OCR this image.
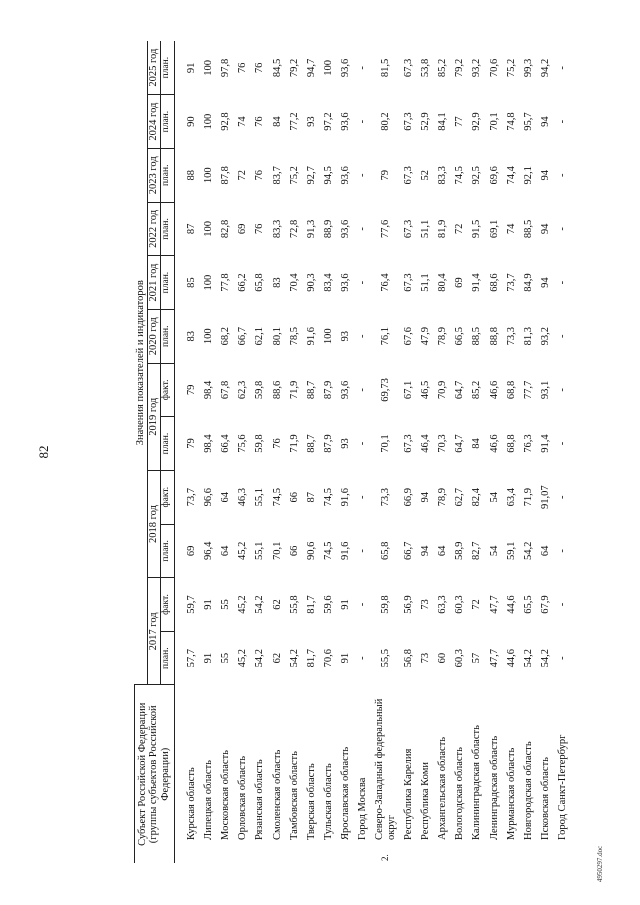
82
4950297.doc
Субъект Российской Федерации (группы субъектов Российской Федерации)		Значения показателей и индикаторов											
		2017 год		2018 год		2019 год		2020 год	2021 год	2022 год	2023 год	2024 год	2025 год
		план.	факт.	план.	факт.	план.	факт.	план.	план.	план.	план.	план.	план.

	Курская область	57,7	59,7	69	73,7	79	79	83	85	87	88	90	91
	Липецкая область	91	91	96,4	96,6	98,4	98,4	100	100	100	100	100	100
	Московская область	55	55	64	64	66,4	67,8	68,2	77,8	82,8	87,8	92,8	97,8
	Орловская область	45,2	45,2	45,2	46,3	75,6	62,3	66,7	66,2	69	72	74	76
	Рязанская область	54,2	54,2	55,1	55,1	59,8	59,8	62,1	65,8	76	76	76	76
	Смоленская область	62	62	70,1	74,5	76	88,6	80,1	83	83,3	83,7	84	84,5
	Тамбовская область	54,2	55,8	66	66	71,9	71,9	78,5	70,4	72,8	75,2	77,2	79,2
	Тверская область	81,7	81,7	90,6	87	88,7	88,7	91,6	90,3	91,3	92,7	93	94,7
	Тульская область	70,6	59,6	74,5	74,5	87,9	87,9	100	83,4	88,9	94,5	97,2	100
	Ярославская область	91	91	91,6	91,6	93	93,6	93	93,6	93,6	93,6	93,6	93,6
	Город Москва	-	-	-	-	-	-	-	-	-	-	-	-
2.	Северо-Западный федеральный округ	55,5	59,8	65,8	73,3	70,1	69,73	76,1	76,4	77,6	79	80,2	81,5
	Республика Карелия	56,8	56,9	66,7	66,9	67,3	67,1	67,6	67,3	67,3	67,3	67,3	67,3
	Республика Коми	73	73	94	94	46,4	46,5	47,9	51,1	51,1	52	52,9	53,8
	Архангельская область	60	63,3	64	78,9	70,3	70,9	78,9	80,4	81,9	83,3	84,1	85,2
	Вологодская область	60,3	60,3	58,9	62,7	64,7	64,7	66,5	69	72	74,5	77	79,2
	Калининградская область	57	72	82,7	82,4	84	85,2	88,5	91,4	91,5	92,5	92,9	93,2
	Ленинградская область	47,7	47,7	54	54	46,6	46,6	88,8	68,6	69,1	69,6	70,1	70,6
	Мурманская область	44,6	44,6	59,1	63,4	68,8	68,8	73,3	73,7	74	74,4	74,8	75,2
	Новгородская область	54,2	65,5	54,2	71,9	76,3	77,7	81,3	84,9	88,5	92,1	95,7	99,3
	Псковская область	54,2	67,9	64	91,07	91,4	93,1	93,2	94	94	94	94	94,2
	Город Санкт-Петербург	-	-	-	-	-	-	-	-	-	-	-	-
